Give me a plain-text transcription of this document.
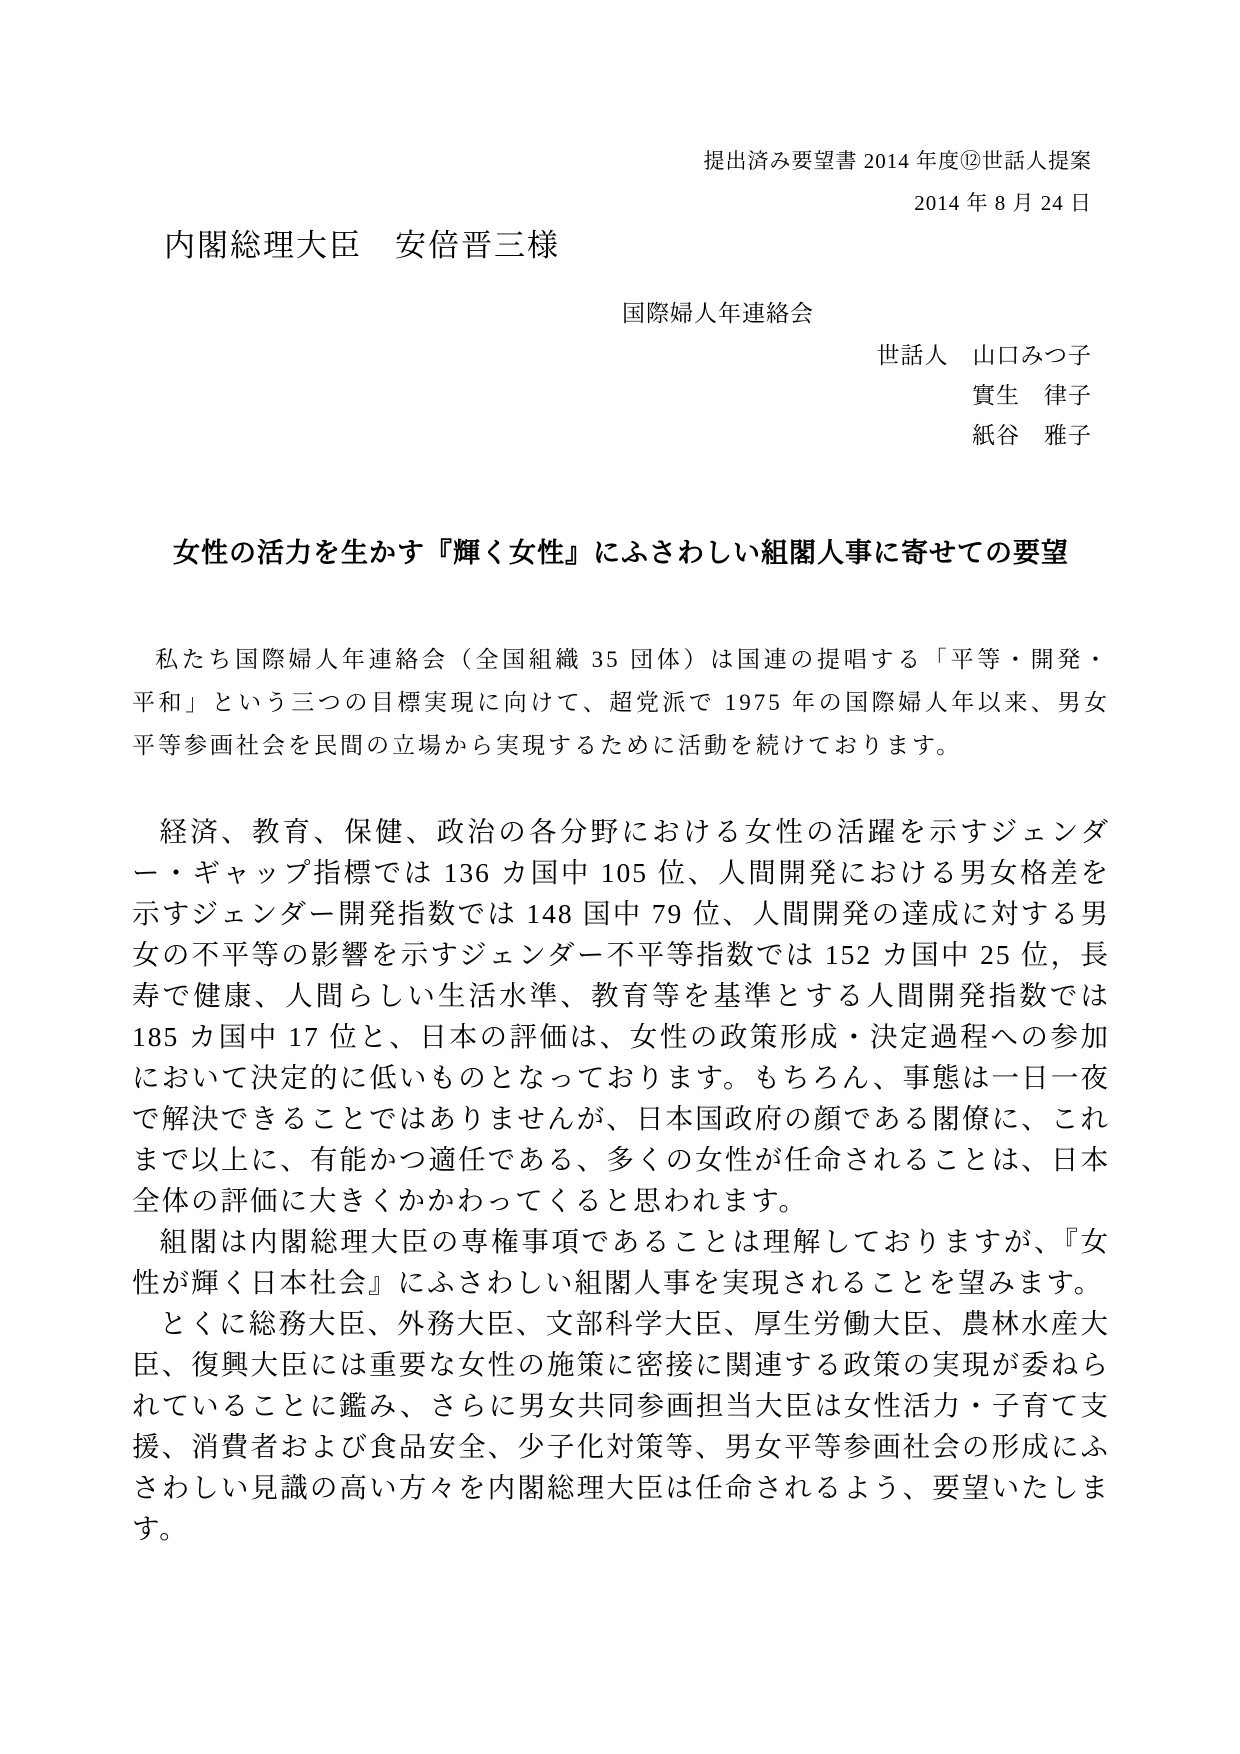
提出済み要望書 2014 年度⑫世話人提案
2014 年 8 月 24 日
内閣総理大臣　安倍晋三様
国際婦人年連絡会
世話人　山口みつ子
實生　律子
紙谷　雅子
女性の活力を生かす『輝く女性』にふさわしい組閣人事に寄せての要望

私たち国際婦人年連絡会（全国組織 35 団体）は国連の提唱する「平等・開発・平和」という三つの目標実現に向けて、超党派で 1975 年の国際婦人年以来、男女平等参画社会を民間の立場から実現するために活動を続けております。

経済、教育、保健、政治の各分野における女性の活躍を示すジェンダー・ギャップ指標では 136 カ国中 105 位、人間開発における男女格差を示すジェンダー開発指数では 148 国中 79 位、人間開発の達成に対する男女の不平等の影響を示すジェンダー不平等指数では 152 カ国中 25 位，長寿で健康、人間らしい生活水準、教育等を基準とする人間開発指数では 185 カ国中 17 位と、日本の評価は、女性の政策形成・決定過程への参加において決定的に低いものとなっております。もちろん、事態は一日一夜で解決できることではありませんが、日本国政府の顔である閣僚に、これまで以上に、有能かつ適任である、多くの女性が任命されることは、日本全体の評価に大きくかかわってくると思われます。

組閣は内閣総理大臣の専権事項であることは理解しておりますが、『女性が輝く日本社会』にふさわしい組閣人事を実現されることを望みます。

とくに総務大臣、外務大臣、文部科学大臣、厚生労働大臣、農林水産大臣、復興大臣には重要な女性の施策に密接に関連する政策の実現が委ねられていることに鑑み、さらに男女共同参画担当大臣は女性活力・子育て支援、消費者および食品安全、少子化対策等、男女平等参画社会の形成にふさわしい見識の高い方々を内閣総理大臣は任命されるよう、要望いたします。
